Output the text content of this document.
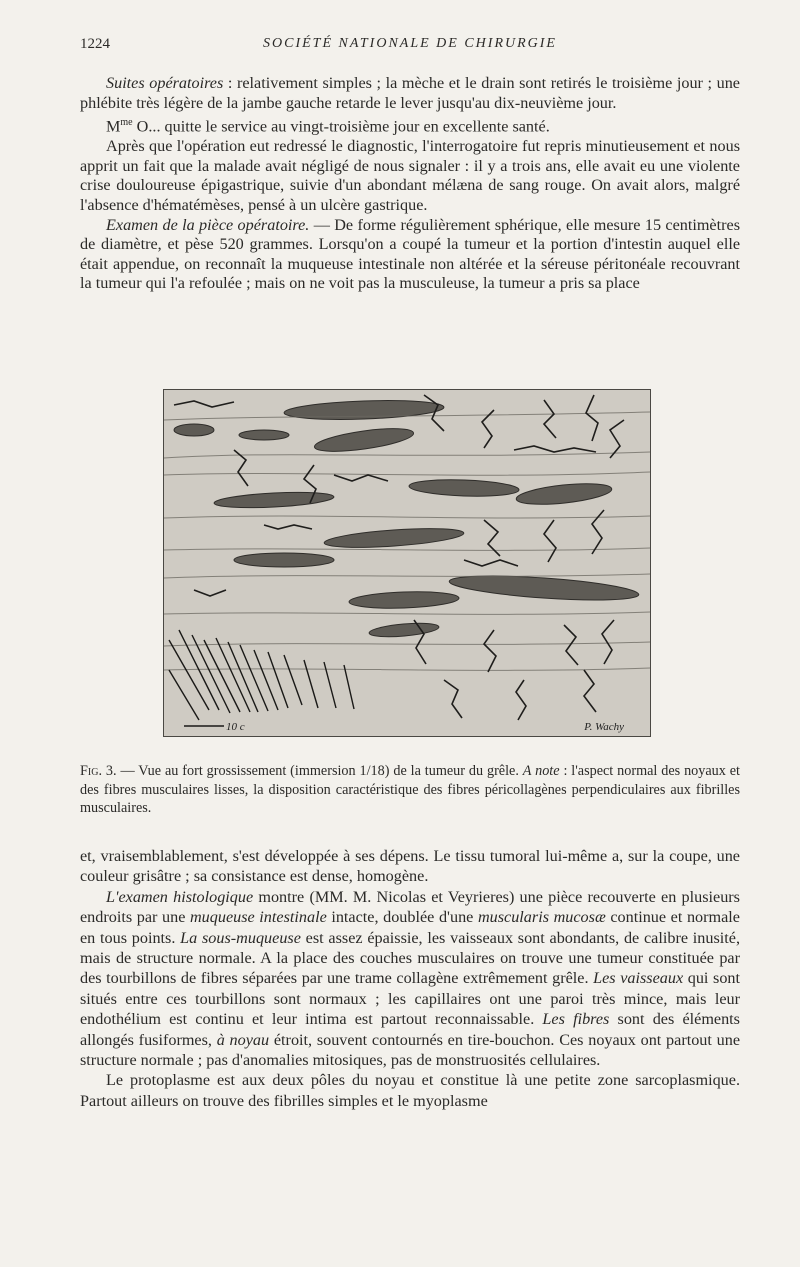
1224	SOCIÉTÉ NATIONALE DE CHIRURGIE

Suites opératoires : relativement simples ; la mèche et le drain sont retirés le troisième jour ; une phlébite très légère de la jambe gauche retarde le lever jusqu'au dix-neuvième jour.

$M^{me}$ O... quitte le service au vingt-troisième jour en excellente santé.

Après que l'opération eut redressé le diagnostic, l'interrogatoire fut repris minutieusement et nous apprit un fait que la malade avait négligé de nous signaler : il y a trois ans, elle avait eu une violente crise douloureuse épigastrique, suivie d'un abondant mélæna de sang rouge. On avait alors, malgré l'absence d'hématémèses, pensé à un ulcère gastrique.

Examen de la pièce opératoire. — De forme régulièrement sphérique, elle mesure 15 centimètres de diamètre, et pèse 520 grammes. Lorsqu'on a coupé la tumeur et la portion d'intestin auquel elle était appendue, on reconnaît la muqueuse intestinale non altérée et la séreuse péritonéale recouvrant la tumeur qui l'a refoulée ; mais on ne voit pas la musculeuse, la tumeur a pris sa place

10 c	P. Wachy
Fig. 3. — Vue au fort grossissement (immersion 1/18) de la tumeur du grêle. A note : l'aspect normal des noyaux et des fibres musculaires lisses, la disposition caractéristique des fibres péricollagènes perpendiculaires aux fibrilles musculaires.

et, vraisemblablement, s'est développée à ses dépens. Le tissu tumoral lui-même a, sur la coupe, une couleur grisâtre ; sa consistance est dense, homogène.

L'examen histologique montre (MM. M. Nicolas et Veyrieres) une pièce recouverte en plusieurs endroits par une muqueuse intestinale intacte, doublée d'une muscularis mucosæ continue et normale en tous points. La sous-muqueuse est assez épaissie, les vaisseaux sont abondants, de calibre inusité, mais de structure normale. A la place des couches musculaires on trouve une tumeur constituée par des tourbillons de fibres séparées par une trame collagène extrêmement grêle. Les vaisseaux qui sont situés entre ces tourbillons sont normaux ; les capillaires ont une paroi très mince, mais leur endothélium est continu et leur intima est partout reconnaissable. Les fibres sont des éléments allongés fusiformes, à noyau étroit, souvent contournés en tire-bouchon. Ces noyaux ont partout une structure normale ; pas d'anomalies mitosiques, pas de monstruosités cellulaires.

Le protoplasme est aux deux pôles du noyau et constitue là une petite zone sarcoplasmique. Partout ailleurs on trouve des fibrilles simples et le myoplasme
